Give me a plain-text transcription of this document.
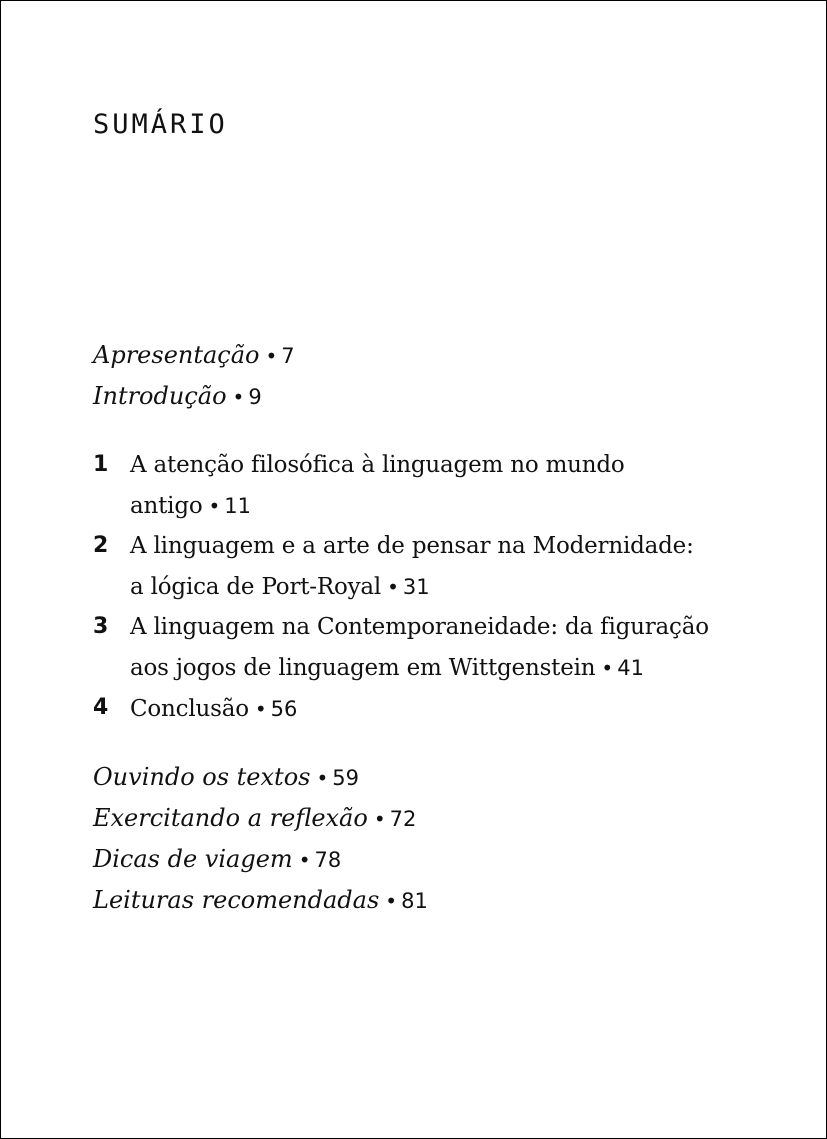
SUMÁRIO

Apresentação • 7

Introdução • 9

1 A atenção filosófica à linguagem no mundo
antigo • 11
2 A linguagem e a arte de pensar na Modernidade:
a lógica de Port-Royal • 31
3 A linguagem na Contemporaneidade: da figuração
aos jogos de linguagem em Wittgenstein • 41
4 Conclusão • 56

Ouvindo os textos • 59

Exercitando a reflexão • 72

Dicas de viagem • 78

Leituras recomendadas • 81
